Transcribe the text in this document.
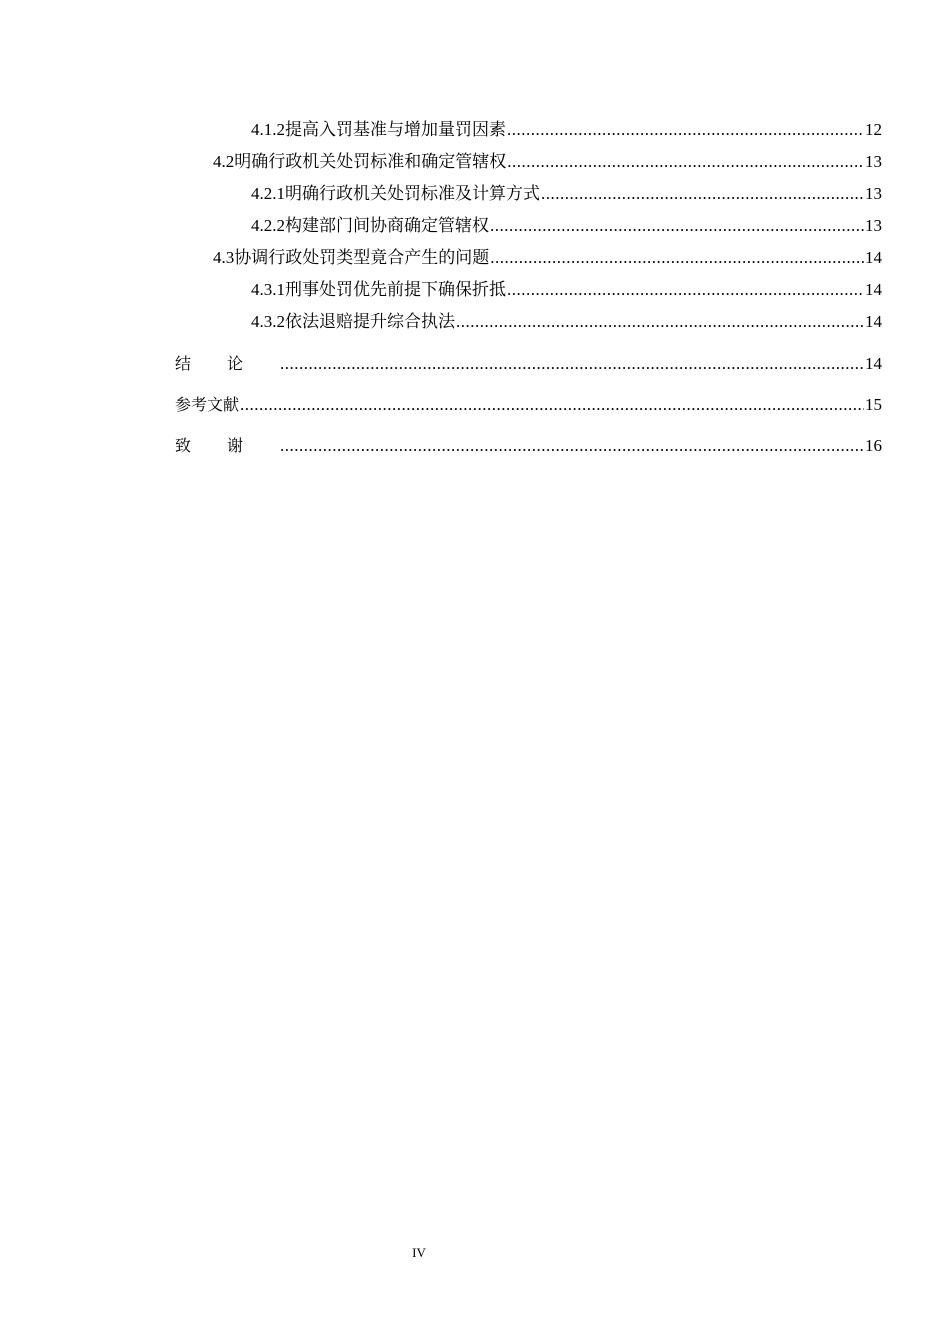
4.1.2 提高入罚基准与增加量罚因素 .....	12
4.2 明确行政机关处罚标准和确定管辖权 .....	13
4.2.1 明确行政机关处罚标准及计算方式 .....	13
4.2.2 构建部门间协商确定管辖权 .....	13
4.3 协调行政处罚类型竟合产生的问题 .....	14
4.3.1 刑事处罚优先前提下确保折抵 .....	14
4.3.2 依法退赔提升综合执法 .....	14
结论 .....	14
参考文献 .....	15
致谢 .....	16
IV
